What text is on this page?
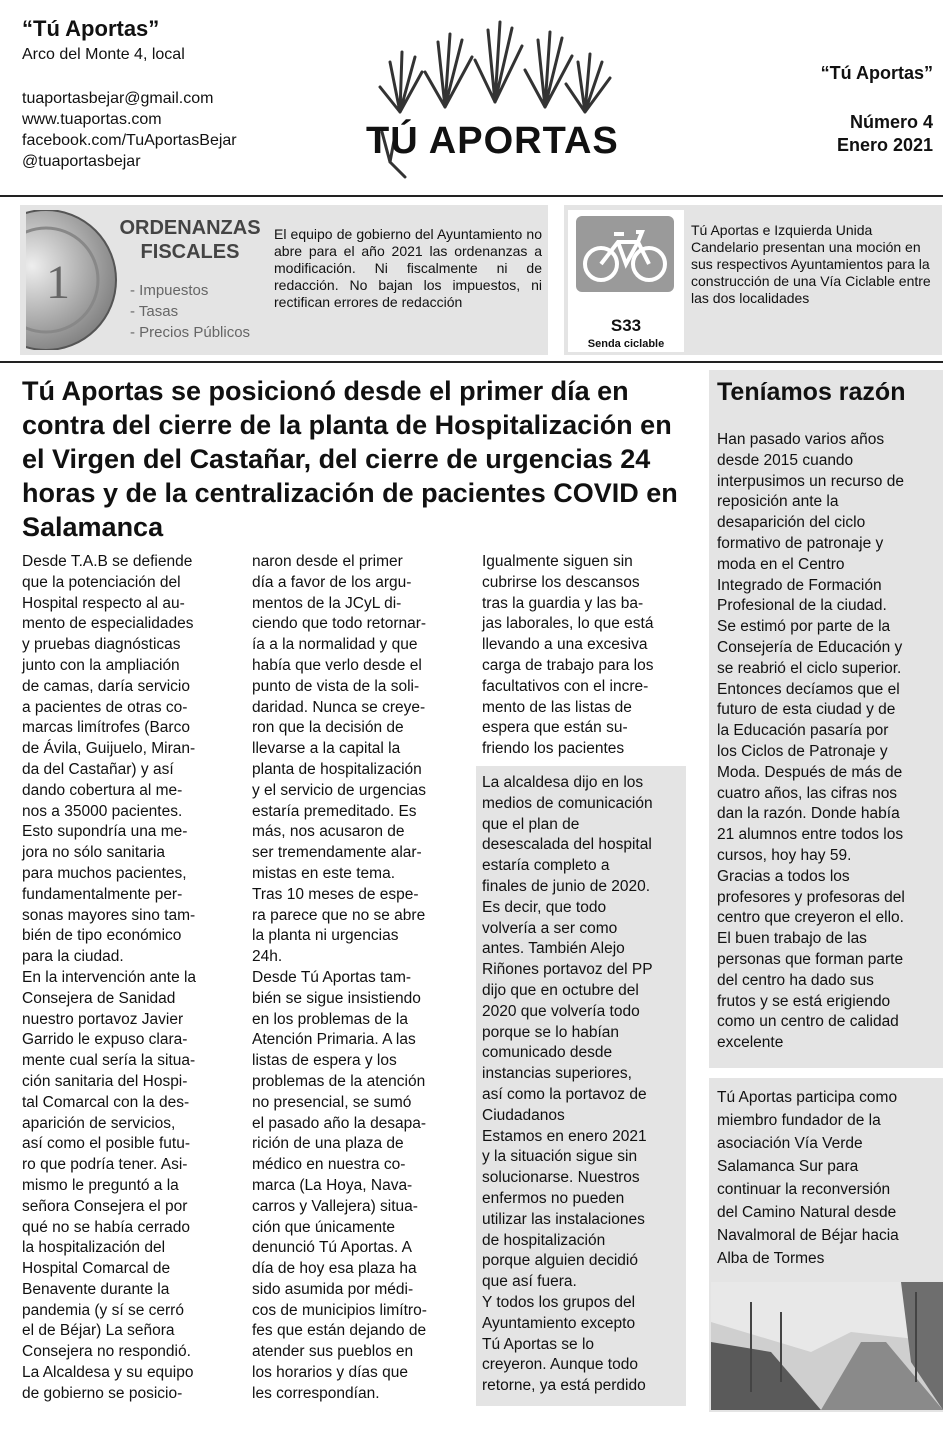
“Tú Aportas”
Arco del Monte 4, local
tuaportasbejar@gmail.com
www.tuaportas.com
facebook.com/TuAportasBejar
@tuaportasbejar	TÚ APORTAS
“Tú Aportas”
Número 4
Enero 2021
1
ORDENANZAS
FISCALES
- Impuestos
- Tasas
- Precios Públicos
El equipo de gobierno del Ayuntamiento no abre para el año 2021 las ordenanzas a modificación. Ni fiscalmente ni de redacción. No bajan los impuestos, ni rectifican errores de redacción
S33
Senda ciclable
Tú Aportas e Izquierda Unida Candelario presentan una moción en sus respectivos Ayuntamientos para la construcción de una Vía Ciclable entre las dos localidades
Tú Aportas se posicionó desde el primer día en contra del cierre de la planta de Hospitalización en el Virgen del Castañar, del cierre de urgencias 24 horas y de la centralización de pacientes COVID en Salamanca
Desde T.A.B se defiende
que la potenciación del
Hospital respecto al au-
mento de especialidades
y pruebas diagnósticas
junto con la ampliación
de camas, daría servicio
a pacientes de otras co-
marcas limítrofes (Barco
de Ávila, Guijuelo, Miran-
da del Castañar) y así
dando cobertura al me-
nos a 35000 pacientes.
Esto supondría una me-
jora no sólo sanitaria
para muchos pacientes,
fundamentalmente per-
sonas mayores sino tam-
bién de tipo económico
para la ciudad.
En la intervención ante la
Consejera de Sanidad
nuestro portavoz Javier
Garrido le expuso clara-
mente cual sería la situa-
ción sanitaria del Hospi-
tal Comarcal con la des-
aparición de servicios,
así como el posible futu-
ro que podría tener. Asi-
mismo le preguntó a la
señora Consejera el por
qué no se había cerrado
la hospitalización del
Hospital Comarcal de
Benavente durante la
pandemia (y sí se cerró
el de Béjar) La señora
Consejera no respondió.
La Alcaldesa y su equipo
de gobierno se posicio-
naron desde el primer
día a favor de los argu-
mentos de la JCyL di-
ciendo que todo retornar-
ía a la normalidad y que
había que verlo desde el
punto de vista de la soli-
daridad. Nunca se creye-
ron que la decisión de
llevarse a la capital la
planta de hospitalización
y el servicio de urgencias
estaría premeditado. Es
más, nos acusaron de
ser tremendamente alar-
mistas en este tema.
Tras 10 meses de espe-
ra parece que no se abre
la planta ni urgencias
24h.
Desde Tú Aportas tam-
bién se sigue insistiendo
en los problemas de la
Atención Primaria. A las
listas de espera y los
problemas de la atención
no presencial, se sumó
el pasado año la desapa-
rición de una plaza de
médico en nuestra co-
marca (La Hoya, Nava-
carros y Vallejera) situa-
ción que únicamente
denunció Tú Aportas. A
día de hoy esa plaza ha
sido asumida por médi-
cos de municipios limítro-
fes que están dejando de
atender sus pueblos en
los horarios y días que
les correspondían.
Igualmente siguen sin
cubrirse los descansos
tras la guardia y las ba-
jas laborales, lo que está
llevando a una excesiva
carga de trabajo para los
facultativos con el incre-
mento de las listas de
espera que están su-
friendo los pacientes
La alcaldesa dijo en los
medios de comunicación
que el plan de
desescalada del hospital
estaría completo a
finales de junio de 2020.
Es decir, que todo
volvería a ser como
antes. También Alejo
Riñones portavoz del PP
dijo que en octubre del
2020 que volvería todo
porque se lo habían
comunicado desde
instancias superiores,
así como la portavoz de
Ciudadanos
Estamos en enero 2021
y la situación sigue sin
solucionarse. Nuestros
enfermos no pueden
utilizar las instalaciones
de hospitalización
porque alguien decidió
que así fuera.
Y todos los grupos del
Ayuntamiento excepto
Tú Aportas se lo
creyeron. Aunque todo
retorne, ya está perdido
Teníamos razón
Han pasado varios años
desde 2015 cuando
interpusimos un recurso de
reposición ante la
desaparición del ciclo
formativo de patronaje y
moda en el Centro
Integrado de Formación
Profesional de la ciudad.
Se estimó por parte de la
Consejería de Educación y
se reabrió el ciclo superior.
Entonces decíamos que el
futuro de esta ciudad y de
la Educación pasaría por
los Ciclos de Patronaje y
Moda. Después de más de
cuatro años, las cifras nos
dan la razón. Donde había
21 alumnos entre todos los
cursos, hoy hay 59.
Gracias a todos los
profesores y profesoras del
centro que creyeron el ello.
El buen trabajo de las
personas que forman parte
del centro ha dado sus
frutos y se está erigiendo
como un centro de calidad
excelente
Tú Aportas participa como
miembro fundador de la
asociación Vía Verde
Salamanca Sur para
continuar la reconversión
del Camino Natural desde
Navalmoral de Béjar hacia
Alba de Tormes
